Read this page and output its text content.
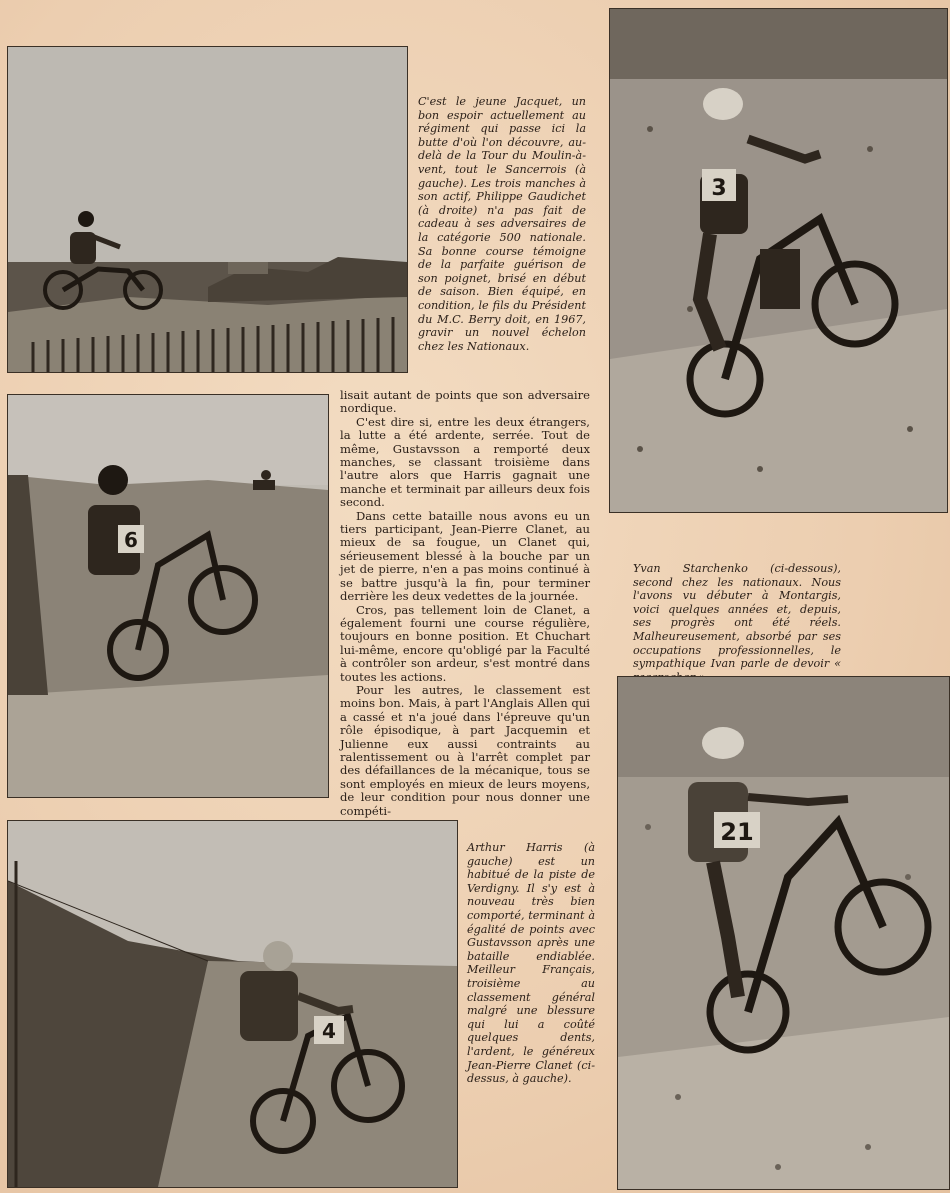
C'est le jeune Jacquet, un bon espoir actuellement au régiment qui passe ici la butte d'où l'on découvre, au-delà de la Tour du Moulin-à-vent, tout le Sancerrois (à gauche). Les trois manches à son actif, Philippe Gaudichet (à droite) n'a pas fait de cadeau à ses adversaires de la catégorie 500 nationale. Sa bonne course témoigne de la parfaite guérison de son poignet, brisé en début de saison. Bien équipé, en condition, le fils du Président du M.C. Berry doit, en 1967, gravir un nouvel échelon chez les Nationaux.

3
6

lisait autant de points que son adversaire nordique.

C'est dire si, entre les deux étrangers, la lutte a été ardente, serrée. Tout de même, Gustavsson a remporté deux manches, se classant troisième dans l'autre alors que Harris gagnait une manche et terminait par ailleurs deux fois second.

Dans cette bataille nous avons eu un tiers participant, Jean-Pierre Clanet, au mieux de sa fougue, un Clanet qui, sérieusement blessé à la bouche par un jet de pierre, n'en a pas moins continué à se battre jusqu'à la fin, pour terminer derrière les deux vedettes de la journée.

Cros, pas tellement loin de Clanet, a également fourni une course régulière, toujours en bonne position. Et Chuchart lui-même, encore qu'obligé par la Faculté à contrôler son ardeur, s'est montré dans toutes les actions.

Pour les autres, le classement est moins bon. Mais, à part l'Anglais Allen qui a cassé et n'a joué dans l'épreuve qu'un rôle épisodique, à part Jacquemin et Julienne eux aussi contraints au ralentissement ou à l'arrêt complet par des défaillances de la mécanique, tous se sont employés en mieux de leurs moyens, de leur condition pour nous donner une compéti-

Yvan Starchenko (ci-dessous), second chez les nationaux. Nous l'avons vu débuter à Montargis, voici quelques années et, depuis, ses progrès ont été réels. Malheureusement, absorbé par ses occupations professionnelles, le sympathique Ivan parle de devoir «

21
4

Arthur Harris (à gauche) est un habitué de la piste de Verdigny. Il s'y est à nouveau très bien comporté, terminant à égalité de points avec Gustavsson après une bataille endiablée. Meilleur Français, troisième au classement général malgré une blessure qui lui a coûté quelques dents, l'ardent, le généreux Jean-Pierre Clanet (ci-dessus, à gauche).
